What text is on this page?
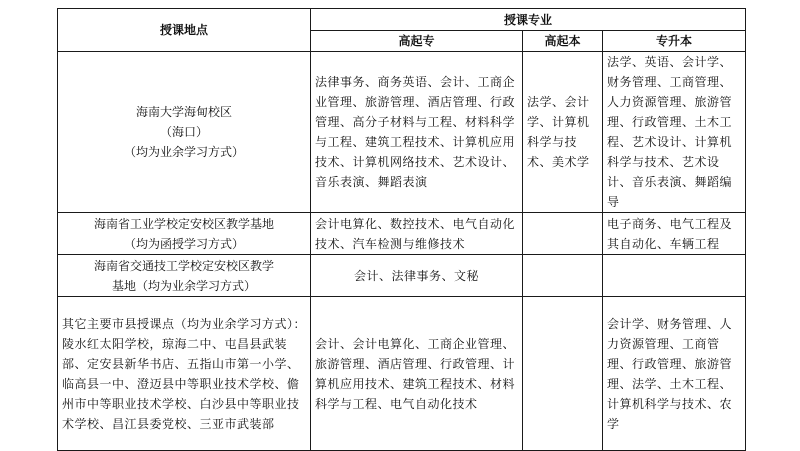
授课地点	授课专业		
	高起专	高起本	专升本

海南大学海甸校区
（海口）
（均为业余学习方式）	法律事务、商务英语、会计、工商企业管理、旅游管理、酒店管理、行政管理、高分子材料与工程、材料科学与工程、建筑工程技术、计算机应用技术、计算机网络技术、艺术设计、音乐表演、舞蹈表演	法学、会计学、计算机科学与技术、美术学	法学、英语、会计学、财务管理、工商管理、人力资源管理、旅游管理、行政管理、土木工程、艺术设计、计算机科学与技术、艺术设计、音乐表演、舞蹈编导

海南省工业学校定安校区教学基地
（均为函授学习方式）	会计电算化、数控技术、电气自动化技术、汽车检测与维修技术		电子商务、电气工程及其自动化、车辆工程

海南省交通技工学校定安校区教学
基地（均为业余学习方式）	会计、法律事务、文秘		
其它主要市县授课点（均为业余学习方式）：陵水红太阳学校，琼海二中、屯昌县武装部、定安县新华书店、五指山市第一小学、临高县一中、澄迈县中等职业技术学校、儋州市中等职业技术学校、白沙县中等职业技术学校、昌江县委党校、三亚市武装部	会计、会计电算化、工商企业管理、旅游管理、酒店管理、行政管理、计算机应用技术、建筑工程技术、材料科学与工程、电气自动化技术		会计学、财务管理、人力资源管理、工商管理、行政管理、旅游管理、法学、土木工程、计算机科学与技术、农学
